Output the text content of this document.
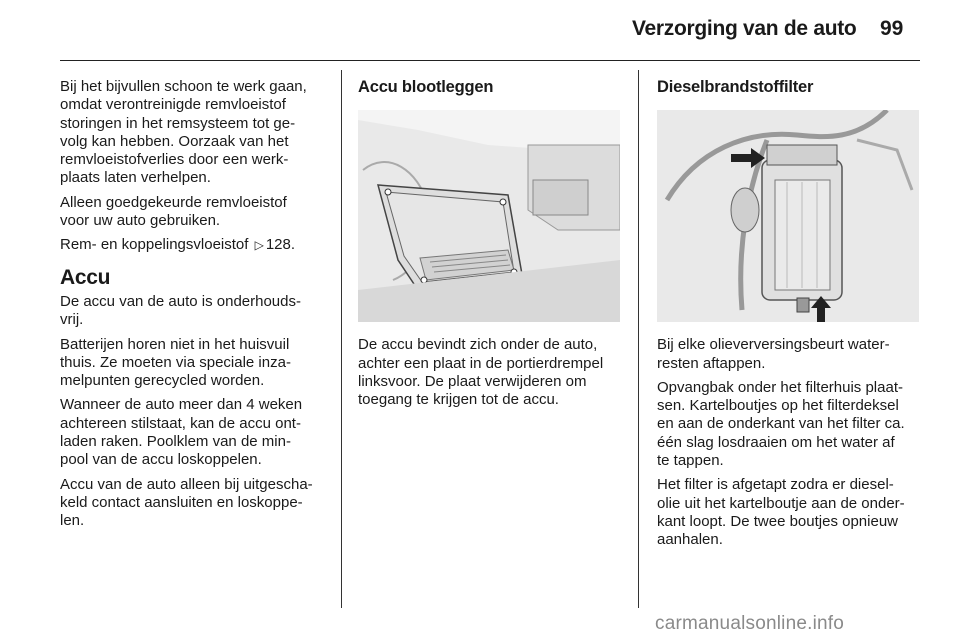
Verzorging van de auto 99

Bij het bijvullen schoon te werk gaan,
omdat verontreinigde remvloeistof
storingen in het remsysteem tot ge-
volg kan hebben. Oorzaak van het
remvloeistofverlies door een werk-
plaats laten verhelpen.

Alleen goedgekeurde remvloeistof
voor uw auto gebruiken.

Rem- en koppelingsvloeistof ▷ 128.

Accu

De accu van de auto is onderhouds-
vrij.

Batterijen horen niet in het huisvuil
thuis. Ze moeten via speciale inza-
melpunten gerecycled worden.

Wanneer de auto meer dan 4 weken
achtereen stilstaat, kan de accu ont-
laden raken. Poolklem van de min-
pool van de accu loskoppelen.

Accu van de auto alleen bij uitgescha-
keld contact aansluiten en loskoppe-
len.

Accu blootleggen

De accu bevindt zich onder de auto,
achter een plaat in de portierdrempel
linksvoor. De plaat verwijderen om
toegang te krijgen tot de accu.

Dieselbrandstoffilter

Bij elke olieverversingsbeurt water-
resten aftappen.

Opvangbak onder het filterhuis plaat-
sen. Kartelboutjes op het filterdeksel
en aan de onderkant van het filter ca.
één slag losdraaien om het water af
te tappen.

Het filter is afgetapt zodra er diesel-
olie uit het kartelboutje aan de onder-
kant loopt. De twee boutjes opnieuw
aanhalen.

carmanualsonline.info
